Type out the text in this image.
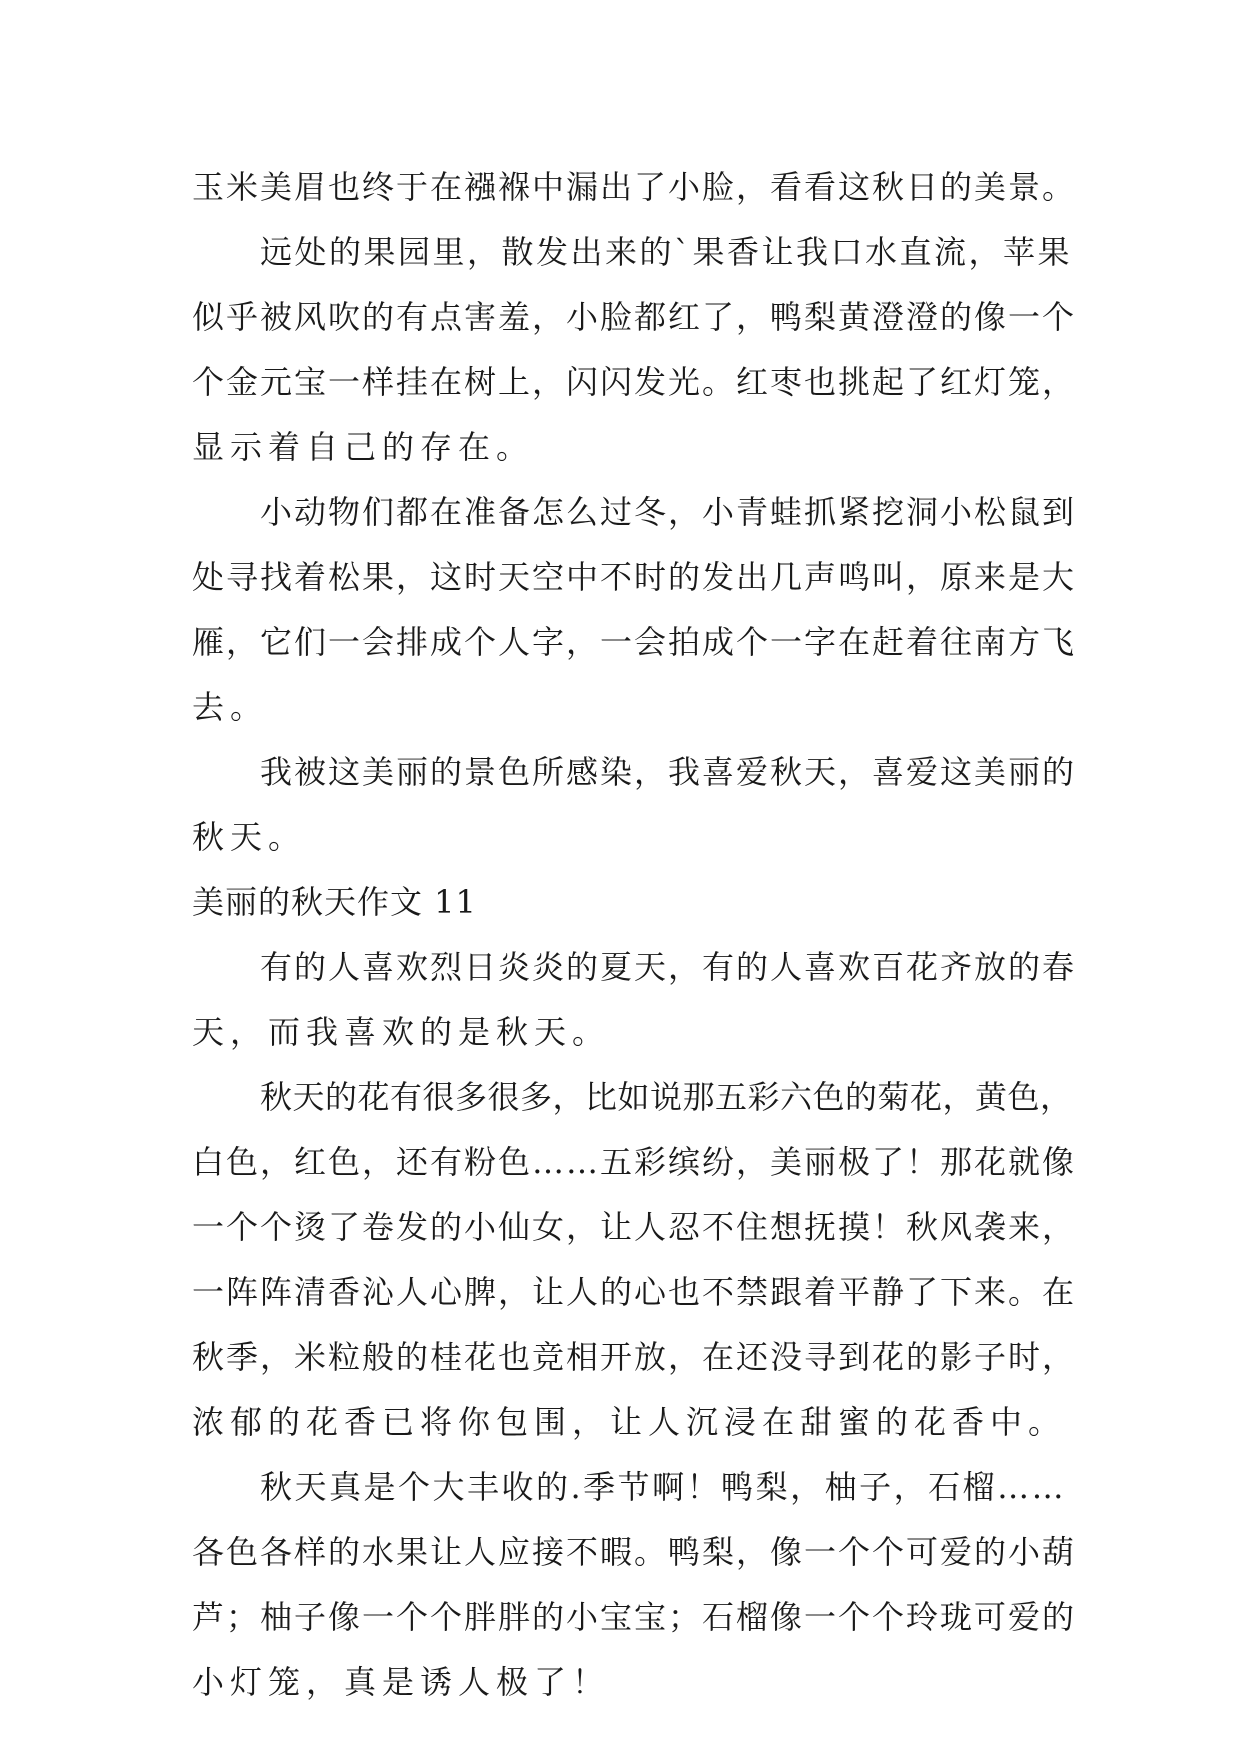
玉米美眉也终于在襁褓中漏出了小脸，看看这秋日的美景。
远处的果园里，散发出来的`果香让我口水直流，苹果
似乎被风吹的有点害羞，小脸都红了，鸭梨黄澄澄的像一个
个金元宝一样挂在树上，闪闪发光。红枣也挑起了红灯笼，
显示着自己的存在。
小动物们都在准备怎么过冬，小青蛙抓紧挖洞小松鼠到
处寻找着松果，这时天空中不时的发出几声鸣叫，原来是大
雁，它们一会排成个人字，一会拍成个一字在赶着往南方飞
去。
我被这美丽的景色所感染，我喜爱秋天，喜爱这美丽的
秋天。
美丽的秋天作文 11
有的人喜欢烈日炎炎的夏天，有的人喜欢百花齐放的春
天，而我喜欢的是秋天。
秋天的花有很多很多，比如说那五彩六色的菊花，黄色，
白色，红色，还有粉色……五彩缤纷，美丽极了！那花就像
一个个烫了卷发的小仙女，让人忍不住想抚摸！秋风袭来，
一阵阵清香沁人心脾，让人的心也不禁跟着平静了下来。在
秋季，米粒般的桂花也竞相开放，在还没寻到花的影子时，
浓郁的花香已将你包围，让人沉浸在甜蜜的花香中。
秋天真是个大丰收的.季节啊！鸭梨，柚子，石榴……
各色各样的水果让人应接不暇。鸭梨，像一个个可爱的小葫
芦；柚子像一个个胖胖的小宝宝；石榴像一个个玲珑可爱的
小灯笼，真是诱人极了！
